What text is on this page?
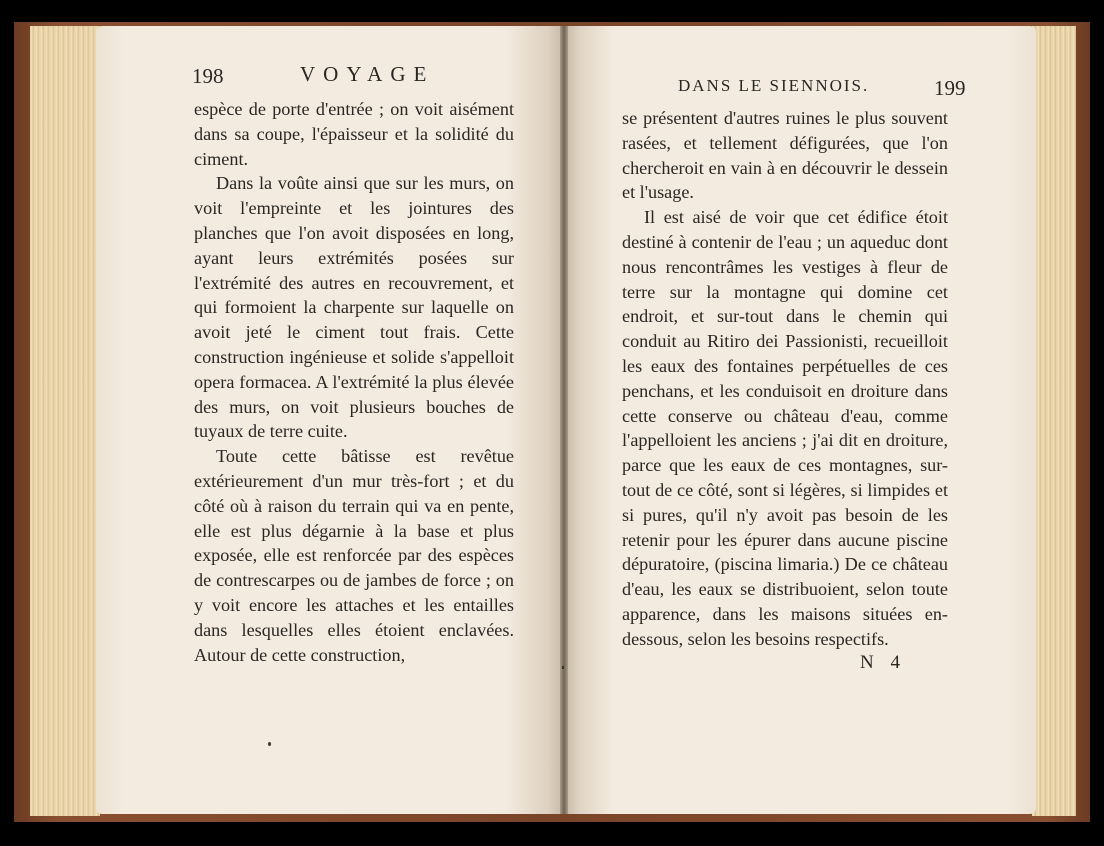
198	VOYAGE	DANS LE SIENNOIS.	199

espèce de porte d'entrée ; on voit aisément dans sa coupe, l'épaisseur et la solidité du ciment.

Dans la voûte ainsi que sur les murs, on voit l'empreinte et les jointures des planches que l'on avoit disposées en long, ayant leurs extrémités posées sur l'extrémité des autres en recouvrement, et qui formoient la charpente sur laquelle on avoit jeté le ciment tout frais. Cette construction ingénieuse et solide s'appelloit opera formacea. A l'extrémité la plus élevée des murs, on voit plusieurs bouches de tuyaux de terre cuite.

Toute cette bâtisse est revêtue extérieurement d'un mur très-fort ; et du côté où à raison du terrain qui va en pente, elle est plus dégarnie à la base et plus exposée, elle est renforcée par des espèces de contrescarpes ou de jambes de force ; on y voit encore les attaches et les entailles dans lesquelles elles étoient enclavées. Autour de cette construction,

se présentent d'autres ruines le plus souvent rasées, et tellement défigurées, que l'on chercheroit en vain à en découvrir le dessein et l'usage.

Il est aisé de voir que cet édifice étoit destiné à contenir de l'eau ; un aqueduc dont nous rencontrâmes les vestiges à fleur de terre sur la montagne qui domine cet endroit, et sur-tout dans le chemin qui conduit au Ritiro dei Passionisti, recueilloit les eaux des fontaines perpétuelles de ces penchans, et les conduisoit en droiture dans cette conserve ou château d'eau, comme l'appelloient les anciens ; j'ai dit en droiture, parce que les eaux de ces montagnes, sur-tout de ce côté, sont si légères, si limpides et si pures, qu'il n'y avoit pas besoin de les retenir pour les épurer dans aucune piscine dépuratoire, (piscina limaria.) De ce château d'eau, les eaux se distribuoient, selon toute apparence, dans les maisons situées en-dessous, selon les besoins respectifs.

N 4
